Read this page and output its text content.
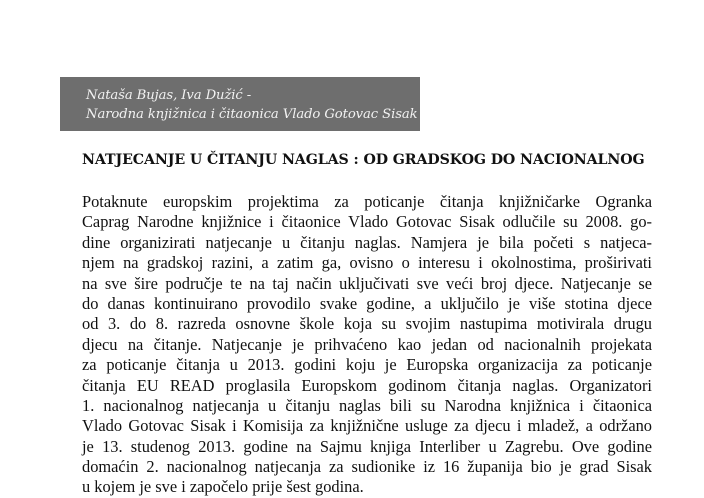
Nataša Bujas, Iva Dužić -
Narodna knjižnica i čitaonica Vlado Gotovac Sisak
NATJECANJE U ČITANJU NAGLAS : OD GRADSKOG DO NACIONALNOG
Potaknute europskim projektima za poticanje čitanja knjižničarke Ogranka
Caprag Narodne knjižnice i čitaonice Vlado Gotovac Sisak odlučile su 2008. go-
dine organizirati natjecanje u čitanju naglas. Namjera je bila početi s natjeca-
njem na gradskoj razini, a zatim ga, ovisno o interesu i okolnostima, proširivati
na sve šire područje te na taj način uključivati sve veći broj djece. Natjecanje se
do danas kontinuirano provodilo svake godine, a uključilo je više stotina djece
od 3. do 8. razreda osnovne škole koja su svojim nastupima motivirala drugu
djecu na čitanje. Natjecanje je prihvaćeno kao jedan od nacionalnih projekata
za poticanje čitanja u 2013. godini koju je Europska organizacija za poticanje
čitanja EU READ proglasila Europskom godinom čitanja naglas. Organizatori
1. nacionalnog natjecanja u čitanju naglas bili su Narodna knjižnica i čitaonica
Vlado Gotovac Sisak i Komisija za knjižnične usluge za djecu i mladež, a održano
je 13. studenog 2013. godine na Sajmu knjiga Interliber u Zagrebu. Ove godine
domaćin 2. nacionalnog natjecanja za sudionike iz 16 županija bio je grad Sisak
u kojem je sve i započelo prije šest godina.
